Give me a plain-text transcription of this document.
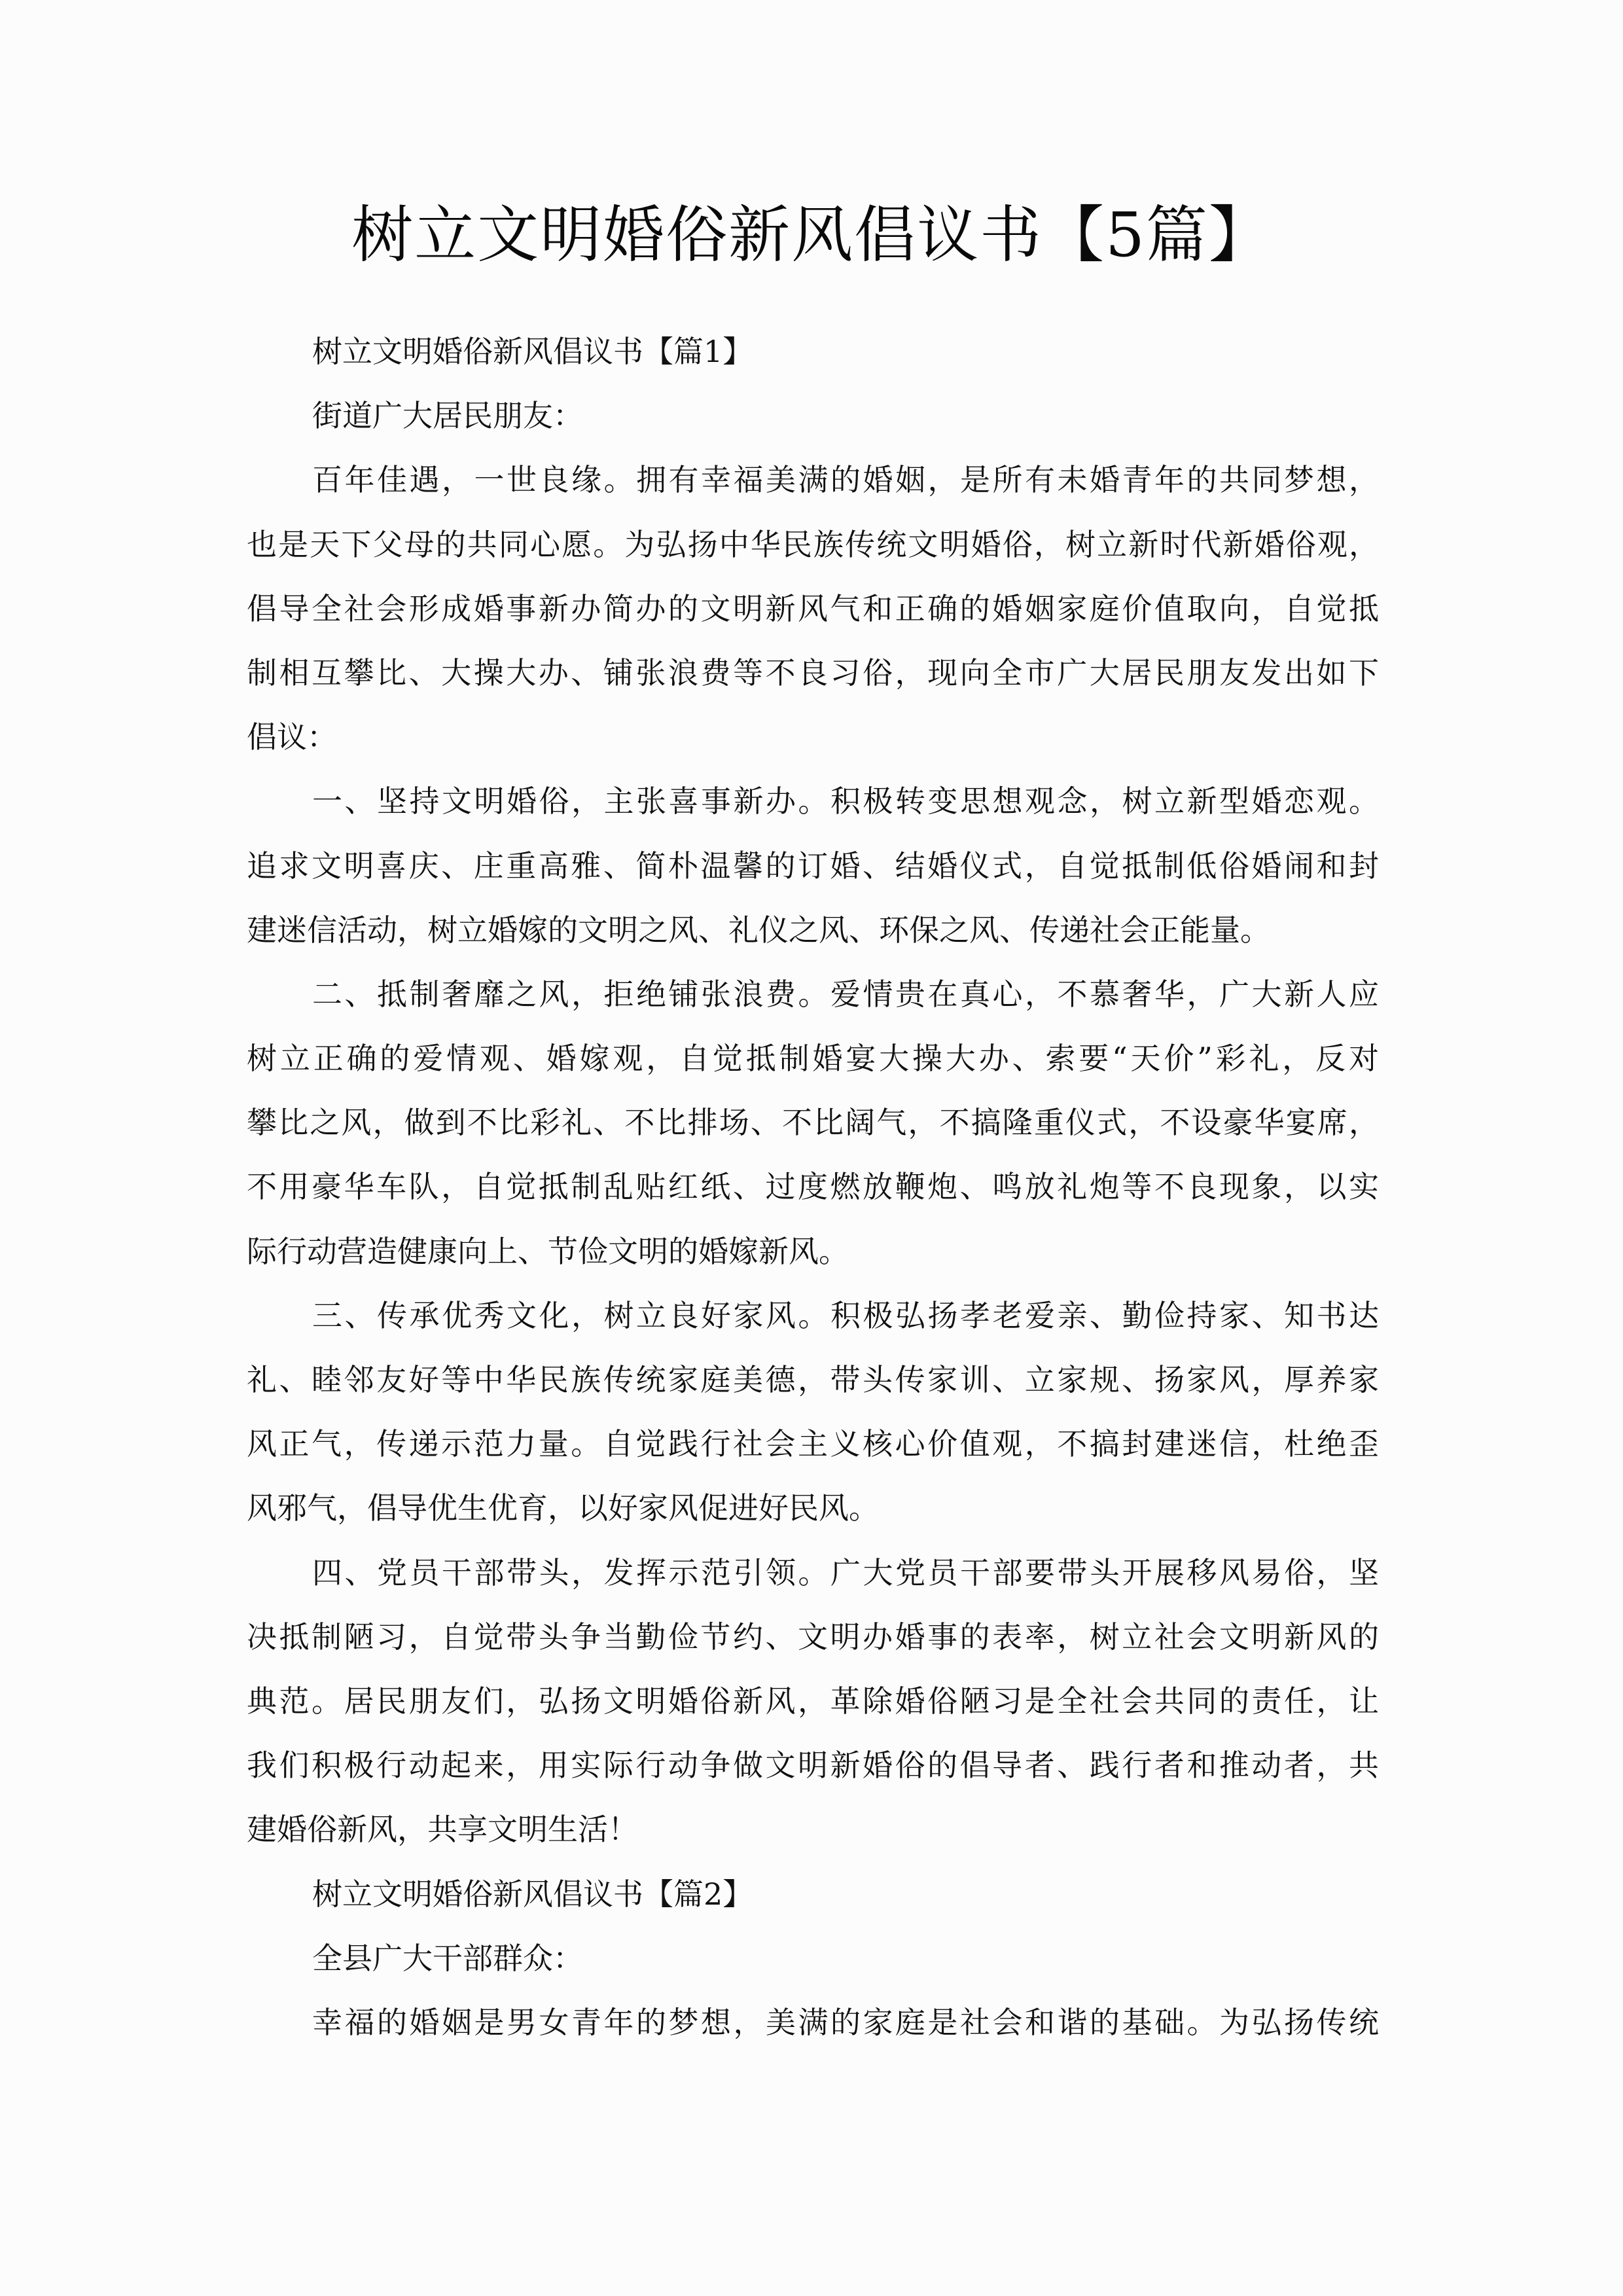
树立文明婚俗新风倡议书【5篇】

树立文明婚俗新风倡议书【篇1】

街道广大居民朋友：

百年佳遇，一世良缘。拥有幸福美满的婚姻，是所有未婚青年的共同梦想，

也是天下父母的共同心愿。为弘扬中华民族传统文明婚俗，树立新时代新婚俗观，

倡导全社会形成婚事新办简办的文明新风气和正确的婚姻家庭价值取向，自觉抵

制相互攀比、大操大办、铺张浪费等不良习俗，现向全市广大居民朋友发出如下

倡议：

一、坚持文明婚俗，主张喜事新办。积极转变思想观念，树立新型婚恋观。

追求文明喜庆、庄重高雅、简朴温馨的订婚、结婚仪式，自觉抵制低俗婚闹和封

建迷信活动，树立婚嫁的文明之风、礼仪之风、环保之风、传递社会正能量。

二、抵制奢靡之风，拒绝铺张浪费。爱情贵在真心，不慕奢华，广大新人应

树立正确的爱情观、婚嫁观，自觉抵制婚宴大操大办、索要“天价”彩礼，反对

攀比之风，做到不比彩礼、不比排场、不比阔气，不搞隆重仪式，不设豪华宴席，

不用豪华车队，自觉抵制乱贴红纸、过度燃放鞭炮、鸣放礼炮等不良现象，以实

际行动营造健康向上、节俭文明的婚嫁新风。

三、传承优秀文化，树立良好家风。积极弘扬孝老爱亲、勤俭持家、知书达

礼、睦邻友好等中华民族传统家庭美德，带头传家训、立家规、扬家风，厚养家

风正气，传递示范力量。自觉践行社会主义核心价值观，不搞封建迷信，杜绝歪

风邪气，倡导优生优育，以好家风促进好民风。

四、党员干部带头，发挥示范引领。广大党员干部要带头开展移风易俗，坚

决抵制陋习，自觉带头争当勤俭节约、文明办婚事的表率，树立社会文明新风的

典范。居民朋友们，弘扬文明婚俗新风，革除婚俗陋习是全社会共同的责任，让

我们积极行动起来，用实际行动争做文明新婚俗的倡导者、践行者和推动者，共

建婚俗新风，共享文明生活！

树立文明婚俗新风倡议书【篇2】

全县广大干部群众：

幸福的婚姻是男女青年的梦想，美满的家庭是社会和谐的基础。为弘扬传统
